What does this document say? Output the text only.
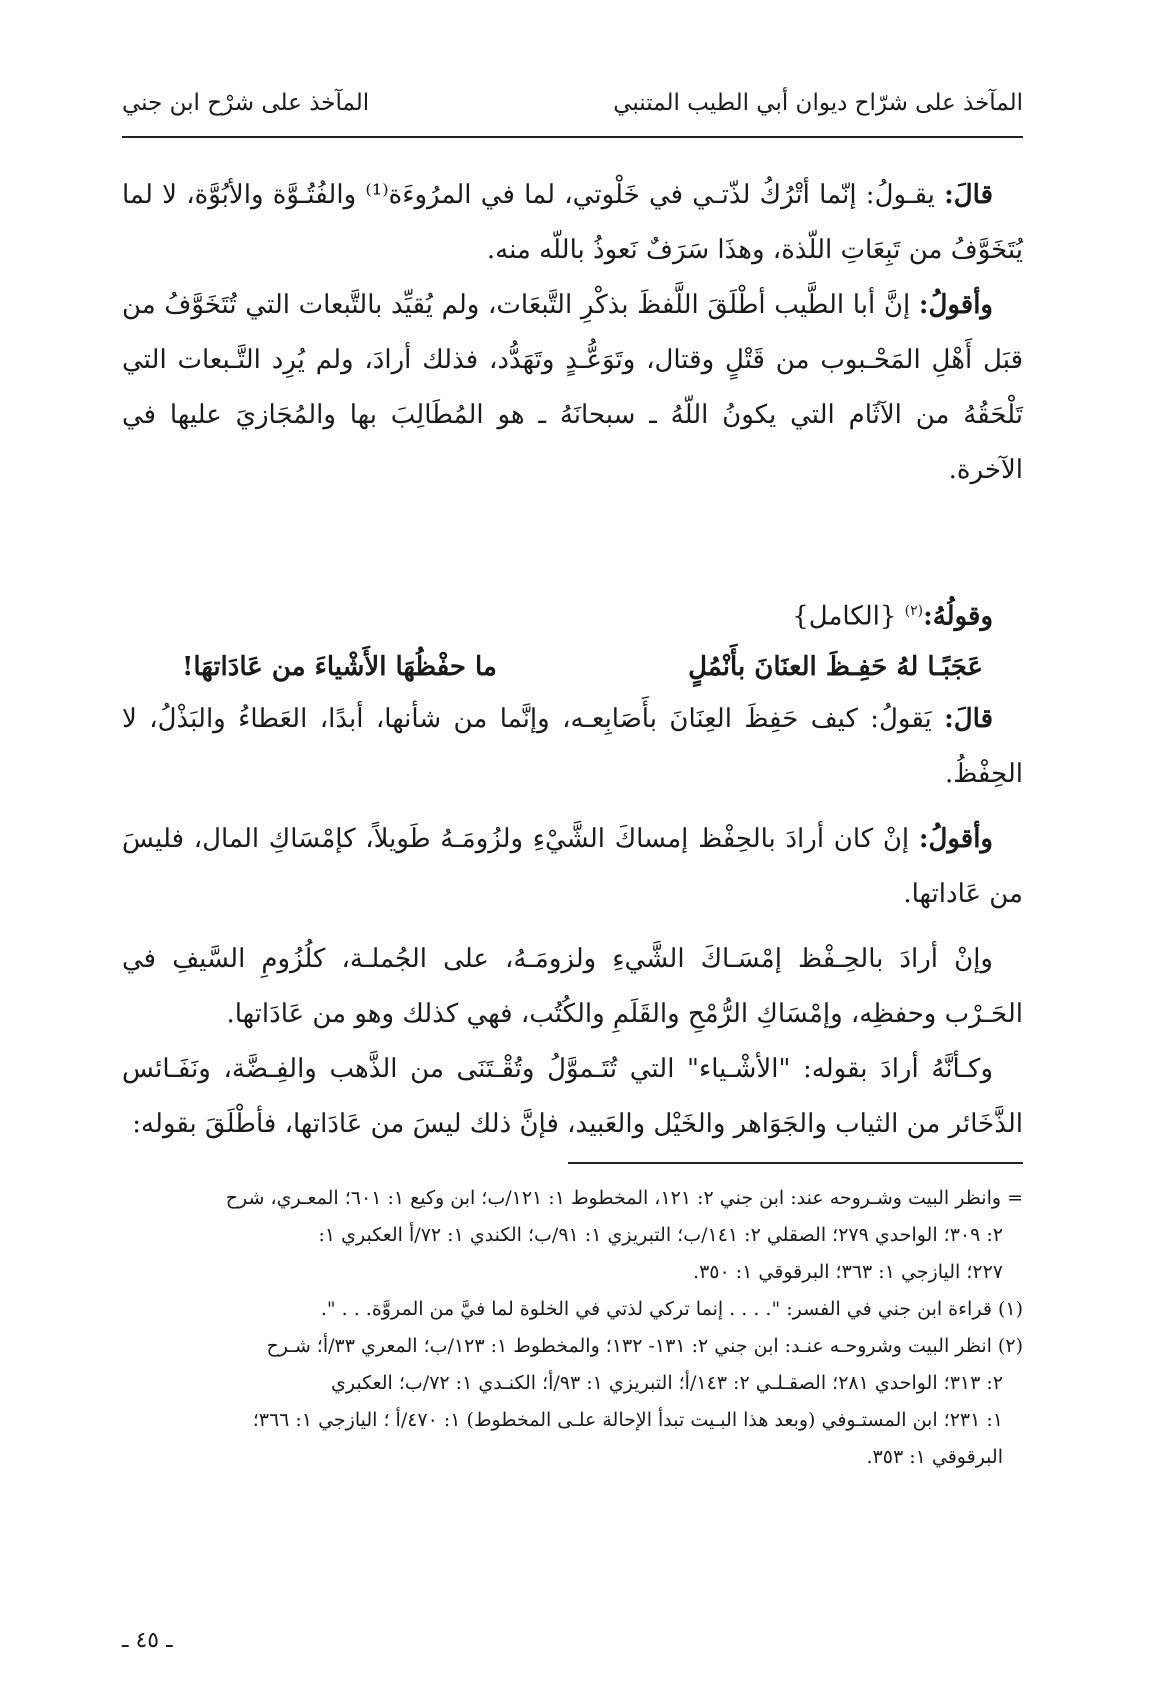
المآخذ على شرّاح ديوان أبي الطيب المتنبي
المآخذ على شرْح ابن جني

قالَ: يقـولُ: إنّما أتْرُكُ لذّتـي في خَلْوتي، لما في المرُوءَة⁽¹⁾ والفُتُـوَّة والأبُوَّة، لا لما يُتَخَوَّفُ من تَبِعَاتِ اللّذة، وهذَا سَرَفٌ نَعوذُ باللّه منه.

وأقولُ: إنَّ أبا الطَّيب أطْلَقَ اللَّفظَ بذكْرِ التَّبعَات، ولم يُقيِّد بالتَّبعات التي تُتَخَوَّفُ من قبَل أَهْلِ المَحْـبوب من قَتْلٍ وقتال، وتَوَعُّـدٍ وتَهَدُّد، فذلك أرادَ، ولم يُرِد التَّـبعات التي تَلْحَقُهُ من الآثَام التي يكونُ اللّهُ ـ سبحانَهُ ـ هو المُطَالِبَ بها والمُجَازيَ عليها في الآخرة.

وقولُهُ:$^{(٢)}$ {الكامل}

عَجَبًـا لهُ حَفِـظَ العنَانَ بأَنْمُلٍ
ما حفْظُهَا الأَشْياءَ من عَادَاتهَا!

قالَ: يَقولُ: كيف حَفِظَ العِنَانَ بأَصَابِعـه، وإنَّما من شأنها، أبدًا، العَطاءُ والبَذْلُ، لا الحِفْظُ.

وأقولُ: إنْ كان أرادَ بالحِفْظ إمساكَ الشَّيْءِ ولزُومَـهُ طَويلاً، كإمْسَاكِ المال، فليسَ من عَاداتها.

وإنْ أرادَ بالحِـفْظ إمْسَـاكَ الشَّيءِ ولزومَـهُ، على الجُملـة، كلُزُومِ السَّيفِ في الحَـرْب وحفظِه، وإمْسَاكِ الرُّمْحِ والقَلَمِ والكُتُب، فهي كذلك وهو من عَادَاتها.

وكـأنَّهُ أرادَ بقوله: "الأشْـياء" التي تُتَـموَّلُ وتُقْـتَنَى من الذَّهب والفِـضَّة، ونَفَـائس الذَّخَائر من الثياب والجَوَاهر والخَيْل والعَبيد، فإنَّ ذلك ليسَ من عَادَاتها، فأطْلَقَ بقوله:

= وانظر البيت وشـروحه عند: ابن جني ٢: ١٢١، المخطوط ١: ١٢١/ب؛ ابن وكيع ١: ٦٠١؛ المعـري، شرح

٢: ٣٠٩؛ الواحدي ٢٧٩؛ الصقلي ٢: ١٤١/ب؛ التبريزي ١: ٩١/ب؛ الكندي ١: ٧٢/أ العكبري ١:

٢٢٧؛ اليازجي ١: ٣٦٣؛ البرقوقي ١: ٣٥٠.

(١) قراءة ابن جني في الفسر: ". . . . إنما تركي لذتي في الخلوة لما فيَّ من المروَّة. . . ".

(٢) انظر البيت وشروحـه عنـد: ابن جني ٢: ١٣١- ١٣٢؛ والمخطوط ١: ١٢٣/ب؛ المعري ٣٣/أ؛ شـرح

٢: ٣١٣؛ الواحدي ٢٨١؛ الصقـلـي ٢: ١٤٣/أ؛ التبريزي ١: ٩٣/أ؛ الكنـدي ١: ٧٢/ب؛ العكبري

١: ٢٣١؛ ابن المستـوفي (وبعد هذا البـيت تبدأ الإحالة علـى المخطوط) ١: ٤٧٠/أ ؛ اليازجي ١: ٣٦٦؛

البرقوقي ١: ٣٥٣.

ـ ٤٥ ـ
